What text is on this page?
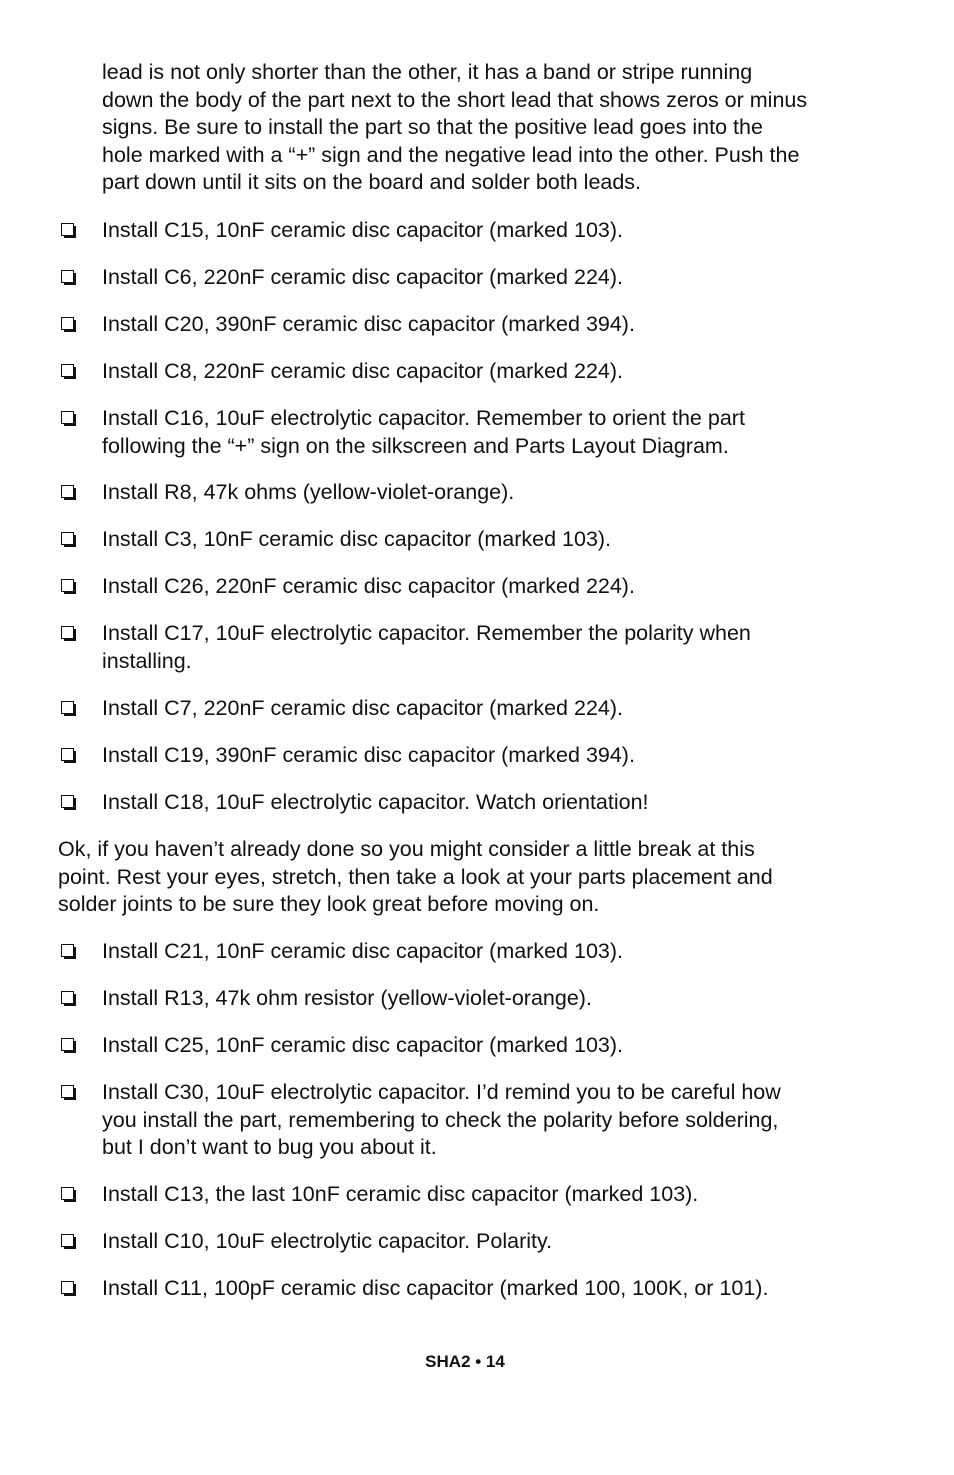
lead is not only shorter than the other, it has a band or stripe running
down the body of the part next to the short lead that shows zeros or minus
signs. Be sure to install the part so that the positive lead goes into the
hole marked with a “+” sign and the negative lead into the other. Push the
part down until it sits on the board and solder both leads.
Install C15, 10nF ceramic disc capacitor (marked 103).
Install C6, 220nF ceramic disc capacitor (marked 224).
Install C20, 390nF ceramic disc capacitor (marked 394).
Install C8, 220nF ceramic disc capacitor (marked 224).
Install C16, 10uF electrolytic capacitor. Remember to orient the part
following the “+” sign on the silkscreen and Parts Layout Diagram.
Install R8, 47k ohms (yellow-violet-orange).
Install C3, 10nF ceramic disc capacitor (marked 103).
Install C26, 220nF ceramic disc capacitor (marked 224).
Install C17, 10uF electrolytic capacitor. Remember the polarity when
installing.
Install C7, 220nF ceramic disc capacitor (marked 224).
Install C19, 390nF ceramic disc capacitor (marked 394).
Install C18, 10uF electrolytic capacitor. Watch orientation!
Ok, if you haven’t already done so you might consider a little break at this
point. Rest your eyes, stretch, then take a look at your parts placement and
solder joints to be sure they look great before moving on.
Install C21, 10nF ceramic disc capacitor (marked 103).
Install R13, 47k ohm resistor (yellow-violet-orange).
Install C25, 10nF ceramic disc capacitor (marked 103).
Install C30, 10uF electrolytic capacitor. I’d remind you to be careful how
you install the part, remembering to check the polarity before soldering,
but I don’t want to bug you about it.
Install C13, the last 10nF ceramic disc capacitor (marked 103).
Install C10, 10uF electrolytic capacitor. Polarity.
Install C11, 100pF ceramic disc capacitor (marked 100, 100K, or 101).
SHA2 • 14
